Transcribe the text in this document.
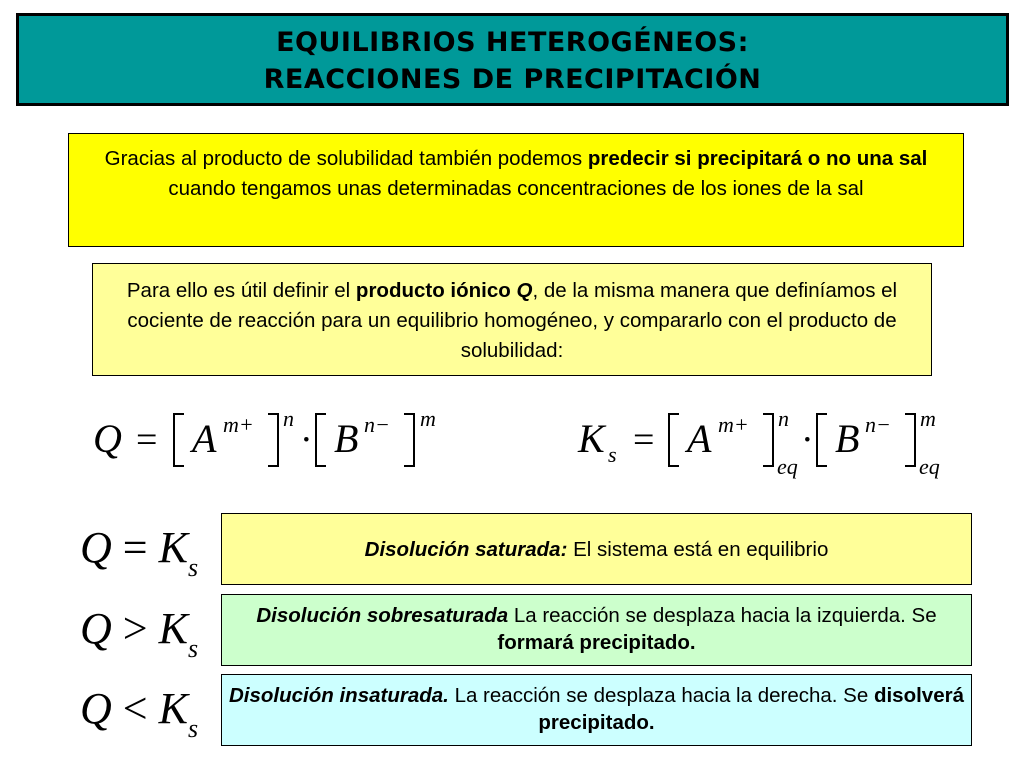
EQUILIBRIOS HETEROGÉNEOS:
REACCIONES DE PRECIPITACIÓN
Gracias al producto de solubilidad también podemos predecir si precipitará o no una sal cuando tengamos unas determinadas concentraciones de los iones de la sal
Para ello es útil definir el producto iónico Q, de la misma manera que definíamos el cociente de reacción para un equilibrio homogéneo, y compararlo con el producto de solubilidad:
Q = A m+ n
· B n− m	K s = A m+ n
eq
· B n− m
eq
$Q = K_s$
$Q > K_s$
$Q < K_s$
Disolución saturada: El sistema está en equilibrio
Disolución sobresaturada La reacción se desplaza hacia la izquierda. Se formará precipitado.
Disolución insaturada. La reacción se desplaza hacia la derecha. Se disolverá precipitado.
